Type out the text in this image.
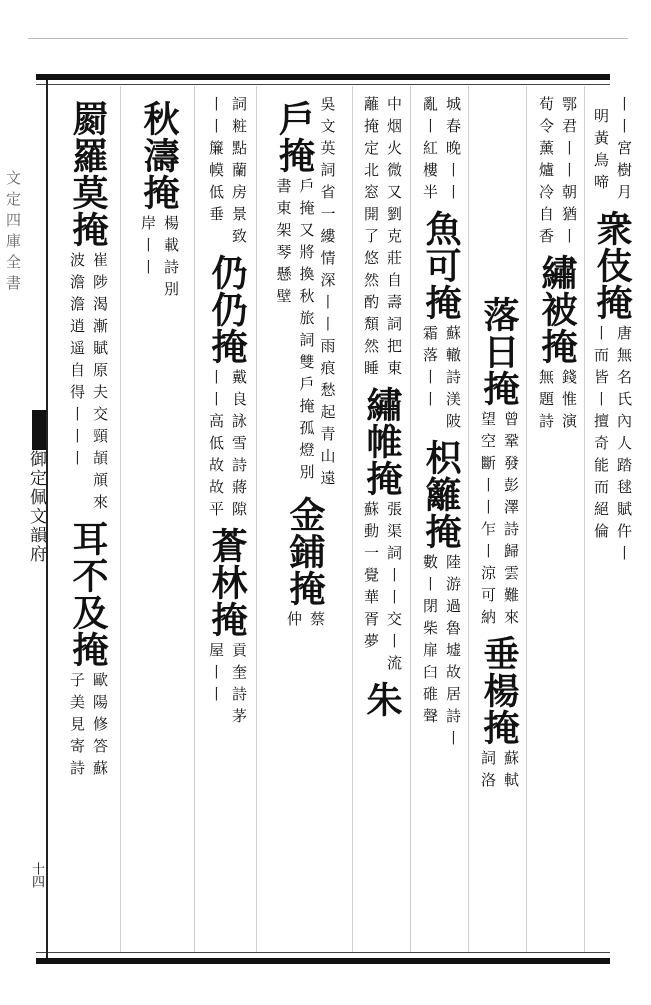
文定四庫全書
御定佩文韻府
十四
丨丨宮樹月
明黃鳥啼
衆伎掩
唐無名氏內人踏毬賦仵丨
丨而皆丨擅奇能而絕倫
鄂君丨丨朝猶丨
荀令薰爐冷自香
繡被掩
錢惟演
無題詩
落日掩
曾鞏發彭澤詩歸雲難來
望空斷丨丨乍丨涼可納
垂楊掩
蘇軾
詞洛
城春晚丨丨
亂丨紅樓半
魚可掩
蘇轍詩渼陂
霜落丨丨
枳籬掩
陸游過魯墟故居詩丨
數丨閉柴扉臼碓聲
中烟火微又劉克莊自壽詞把東
蘺掩定北窓開了悠然酌頽然睡
繡帷掩
張渠詞丨丨交丨流
蘇動一覺華胥夢
朱
吳文英詞省一縷情深丨丨雨痕愁起青山遠
戶掩
戶掩又將換秋旅詞雙戶掩孤燈別
書東架琴懸壁
金鋪掩
蔡
仲
詞粧點蘭房景致
丨丨簾幙低垂
仍仍掩
戴良詠雪詩蔣隙
丨丨高低故故平
蒼林掩
貢奎詩茅
屋丨丨
秋濤掩
楊載詩別
岸丨丨
罽羅莫掩
崔陟渴漸賦原夫交頸頡頏來
波澹澹逍遥自得丨丨丨
耳不及掩
歐陽修答蘇
子美見寄詩
